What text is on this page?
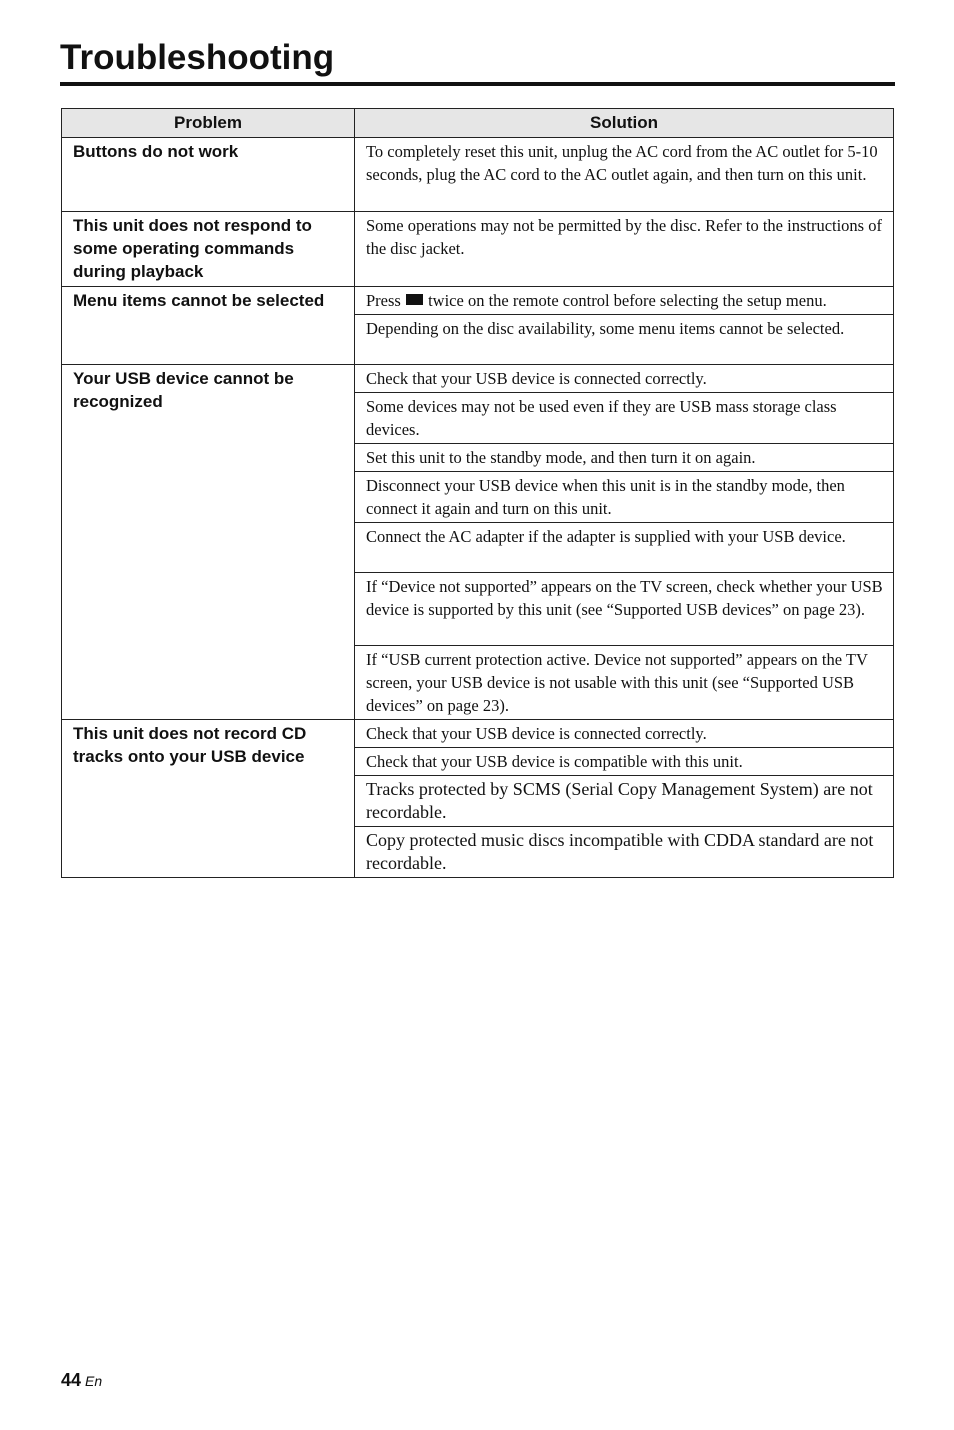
Troubleshooting
Problem	Solution
Buttons do not work	To completely reset this unit, unplug the AC cord from the AC outlet for 5-10 seconds, plug the AC cord to the AC outlet again, and then turn on this unit.
This unit does not respond to some operating commands during playback	Some operations may not be permitted by the disc. Refer to the instructions of the disc jacket.
Menu items cannot be selected	Press twice on the remote control before selecting the setup menu.
	Depending on the disc availability, some menu items cannot be selected.
Your USB device cannot be recognized	Check that your USB device is connected correctly.
	Some devices may not be used even if they are USB mass storage class devices.
	Set this unit to the standby mode, and then turn it on again.
	Disconnect your USB device when this unit is in the standby mode, then connect it again and turn on this unit.
	Connect the AC adapter if the adapter is supplied with your USB device.
	If “Device not supported” appears on the TV screen, check whether your USB device is supported by this unit (see “Supported USB devices” on page 23).
	If “USB current protection active. Device not supported” appears on the TV screen, your USB device is not usable with this unit (see “Supported USB devices” on page 23).
This unit does not record CD tracks onto your USB device	Check that your USB device is connected correctly.
	Check that your USB device is compatible with this unit.
	Tracks protected by SCMS (Serial Copy Management System) are not recordable.
	Copy protected music discs incompatible with CDDA standard are not recordable.
44 En
